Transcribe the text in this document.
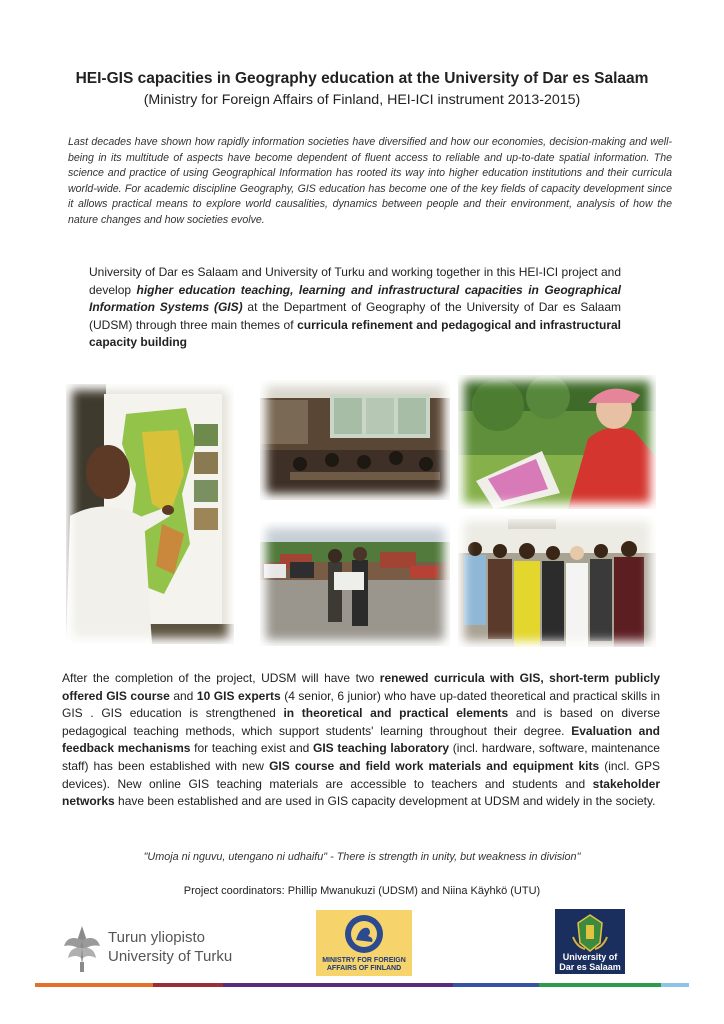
HEI-GIS capacities in Geography education at the University of Dar es Salaam
(Ministry for Foreign Affairs of Finland, HEI-ICI instrument 2013-2015)

Last decades have shown how rapidly information societies have diversified and how our economies, decision-making and well-being in its multitude of aspects have become dependent of fluent access to reliable and up-to-date spatial information. The science and practice of using Geographical Information has rooted its way into higher education institutions and their curricula world-wide. For academic discipline Geography, GIS education has become one of the key fields of capacity development since it allows practical means to explore world causalities, dynamics between people and their environment, analysis of how the nature changes and how societies evolve.

University of Dar es Salaam and University of Turku and working together in this HEI-ICI project and develop higher education teaching, learning and infrastructural capacities in Geographical Information Systems (GIS) at the Department of Geography of the University of Dar es Salaam (UDSM) through three main themes of curricula refinement and pedagogical and infrastructural capacity building

After the completion of the project, UDSM will have two renewed curricula with GIS, short-term publicly offered GIS course and 10 GIS experts (4 senior, 6 junior) who have up-dated theoretical and practical skills in GIS . GIS education is strengthened in theoretical and practical elements and is based on diverse pedagogical teaching methods, which support students' learning throughout their degree. Evaluation and feedback mechanisms for teaching exist and GIS teaching laboratory (incl. hardware, software, maintenance staff) has been established with new GIS course and field work materials and equipment kits (incl. GPS devices). New online GIS teaching materials are accessible to teachers and students and stakeholder networks have been established and are used in GIS capacity development at UDSM and widely in the society.

"Umoja ni nguvu, utengano ni udhaifu" - There is strength in unity, but weakness in division"
Project coordinators: Phillip Mwanukuzi (UDSM) and Niina Käyhkö (UTU)
Turun yliopisto
University of Turku	MINISTRY FOR FOREIGN
AFFAIRS OF FINLAND
University of
Dar es Salaam
